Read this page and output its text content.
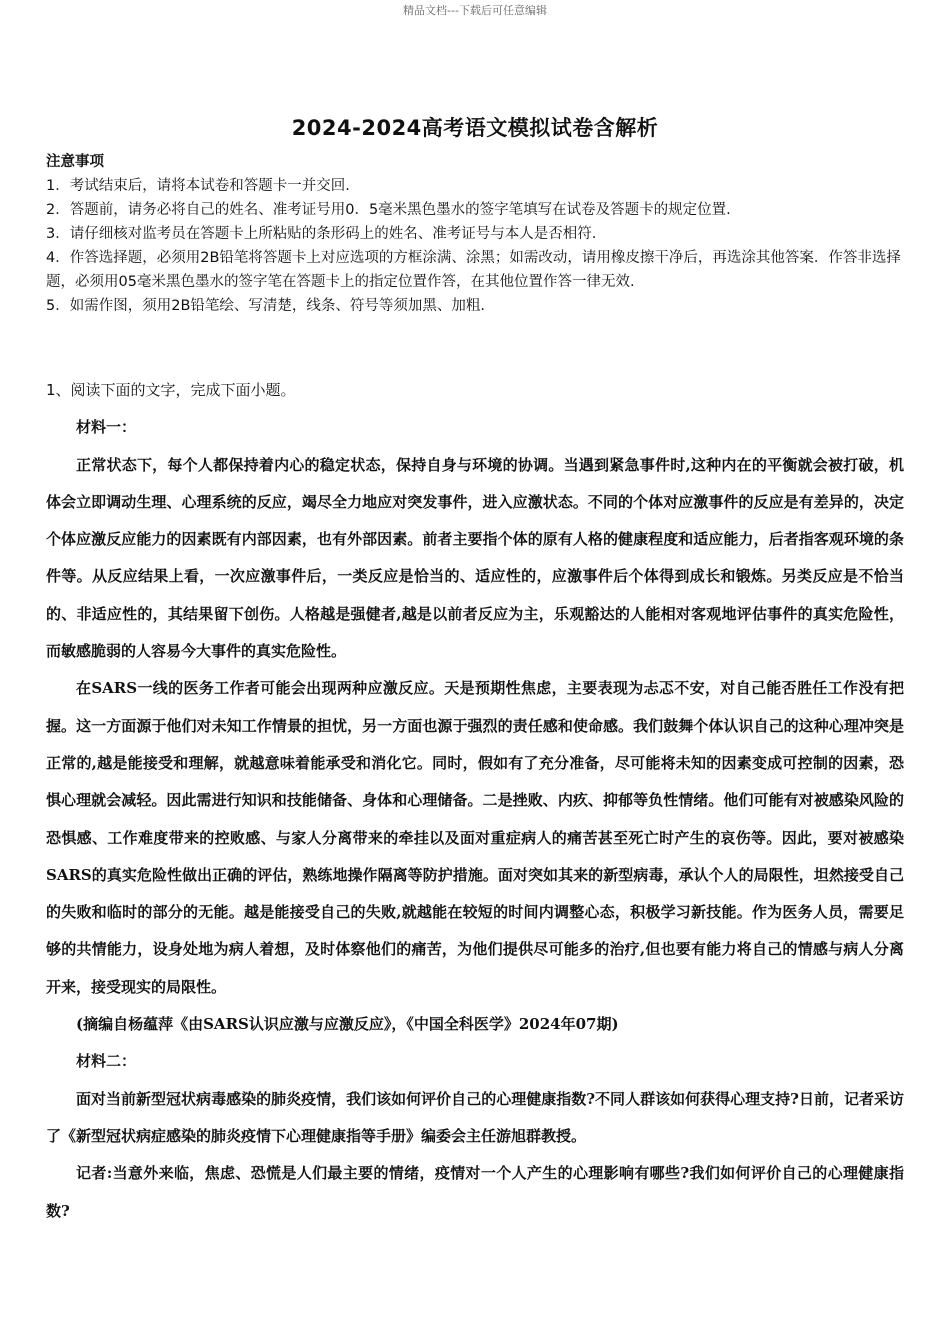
精品文档---下载后可任意编辑
2024-2024高考语文模拟试卷含解析

注意事项

1．考试结束后，请将本试卷和答题卡一并交回.

2．答题前，请务必将自己的姓名、准考证号用0．5毫米黑色墨水的签字笔填写在试卷及答题卡的规定位置.

3．请仔细核对监考员在答题卡上所粘贴的条形码上的姓名、准考证号与本人是否相符.

4．作答选择题，必须用2B铅笔将答题卡上对应选项的方框涂满、涂黑；如需改动，请用橡皮擦干净后，再选涂其他答案．作答非选择题，必须用05毫米黑色墨水的签字笔在答题卡上的指定位置作答，在其他位置作答一律无效.

5．如需作图，须用2B铅笔绘、写清楚，线条、符号等须加黑、加粗.

1、阅读下面的文字，完成下面小题。

材料一：

正常状态下，每个人都保持着内心的稳定状态，保持自身与环境的协调。当遇到紧急事件时,这种内在的平衡就会被打破，机体会立即调动生理、心理系统的反应，竭尽全力地应对突发事件，进入应激状态。不同的个体对应激事件的反应是有差异的，决定个体应激反应能力的因素既有内部因素，也有外部因素。前者主要指个体的原有人格的健康程度和适应能力，后者指客观环境的条件等。从反应结果上看，一次应激事件后，一类反应是恰当的、适应性的，应激事件后个体得到成长和锻炼。另类反应是不恰当的、非适应性的，其结果留下创伤。人格越是强健者,越是以前者反应为主，乐观豁达的人能相对客观地评估事件的真实危险性，而敏感脆弱的人容易今大事件的真实危险性。

在SARS一线的医务工作者可能会出现两种应激反应。天是预期性焦虑，主要表现为忐忑不安，对自己能否胜任工作没有把握。这一方面源于他们对未知工作情景的担忧，另一方面也源于强烈的责任感和使命感。我们鼓舞个体认识自己的这种心理冲突是正常的,越是能接受和理解，就越意味着能承受和消化它。同时，假如有了充分准备，尽可能将未知的因素变成可控制的因素，恐惧心理就会减轻。因此需进行知识和技能储备、身体和心理储备。二是挫败、内疚、抑郁等负性情绪。他们可能有对被感染风险的恐惧感、工作难度带来的控败感、与家人分离带来的牵挂以及面对重症病人的痛苦甚至死亡时产生的哀伤等。因此，要对被感染SARS的真实危险性做出正确的评估，熟练地操作隔离等防护措施。面对突如其来的新型病毒，承认个人的局限性，坦然接受自己的失败和临时的部分的无能。越是能接受自己的失败,就越能在较短的时间内调整心态，积极学习新技能。作为医务人员，需要足够的共情能力，设身处地为病人着想，及时体察他们的痛苦，为他们提供尽可能多的治疗,但也要有能力将自己的情感与病人分离开来，接受现实的局限性。

(摘编自杨蕴萍《由SARS认识应激与应激反应》，《中国全科医学》2024年07期)

材料二：

面对当前新型冠状病毒感染的肺炎疫情，我们该如何评价自己的心理健康指数?不同人群该如何获得心理支持?日前，记者采访了《新型冠状病症感染的肺炎疫情下心理健康指等手册》编委会主任游旭群教授。

记者:当意外来临，焦虑、恐慌是人们最主要的情绪，疫情对一个人产生的心理影响有哪些?我们如何评价自己的心理健康指数?
